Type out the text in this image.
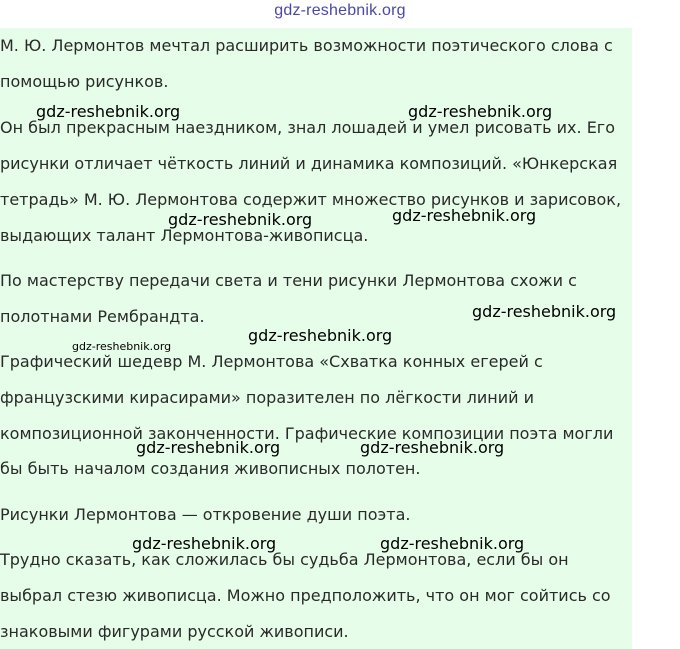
gdz-reshebnik.org

М. Ю. Лермонтов мечтал расширить возможности поэтического слова с

помощью рисунков.

Он был прекрасным наездником, знал лошадей и умел рисовать их. Его

рисунки отличает чёткость линий и динамика композиций. «Юнкерская

тетрадь» М. Ю. Лермонтова содержит множество рисунков и зарисовок,

выдающих талант Лермонтова-живописца.

По мастерству передачи света и тени рисунки Лермонтова схожи с

полотнами Рембрандта.

Графический шедевр М. Лермонтова «Схватка конных егерей с

французскими кирасирами» поразителен по лёгкости линий и

композиционной законченности. Графические композиции поэта могли

бы быть началом создания живописных полотен.

Рисунки Лермонтова — откровение души поэта.

Трудно сказать, как сложилась бы судьба Лермонтова, если бы он

выбрал стезю живописца. Можно предположить, что он мог сойтись со

знаковыми фигурами русской живописи.

gdz-reshebnik.org	gdz-reshebnik.org
gdz-reshebnik.org	gdz-reshebnik.org
gdz-reshebnik.org
gdz-reshebnik.org
gdz-reshebnik.org
gdz-reshebnik.org	gdz-reshebnik.org
gdz-reshebnik.org	gdz-reshebnik.org
